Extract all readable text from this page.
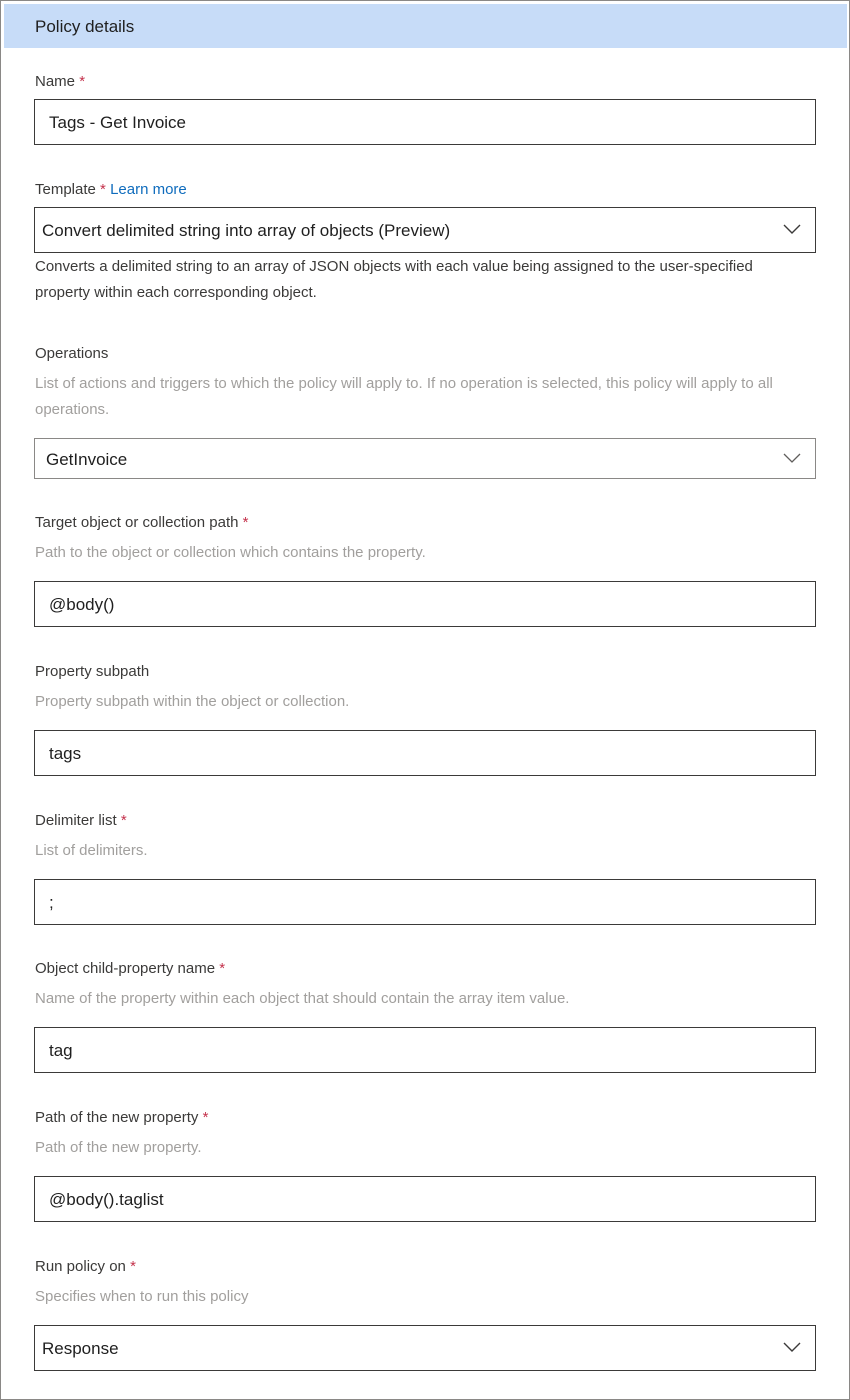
Policy details
Name *
Tags - Get Invoice
Template * Learn more
Convert delimited string into array of objects (Preview)
Converts a delimited string to an array of JSON objects with each value being assigned to the user-specified
property within each corresponding object.
Operations
List of actions and triggers to which the policy will apply to. If no operation is selected, this policy will apply to all
operations.
GetInvoice
Target object or collection path *
Path to the object or collection which contains the property.
@body()
Property subpath
Property subpath within the object or collection.
tags
Delimiter list *
List of delimiters.
;
Object child-property name *
Name of the property within each object that should contain the array item value.
tag
Path of the new property *
Path of the new property.
@body().taglist
Run policy on *
Specifies when to run this policy
Response
